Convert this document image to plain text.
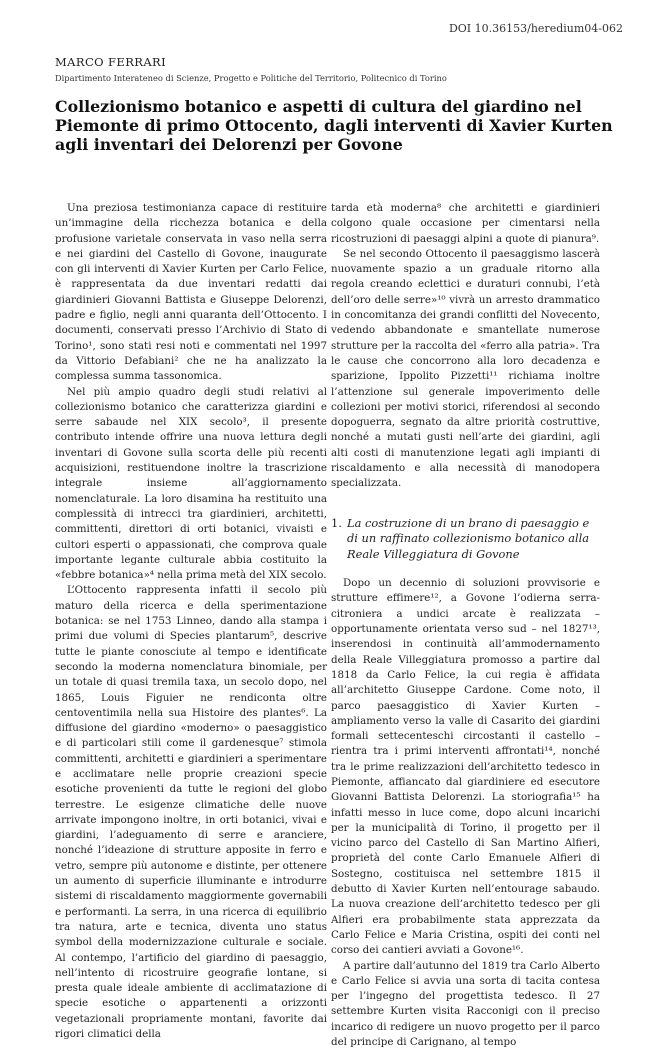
DOI 10.36153/heredium04-062
MARCO FERRARI
Dipartimento Interateneo di Scienze, Progetto e Politiche del Territorio, Politecnico di Torino
Collezionismo botanico e aspetti di cultura del giardino nel Piemonte di primo Ottocento, dagli interventi di Xavier Kurten agli inventari dei Delorenzi per Govone

Una preziosa testimonianza capace di restituire un’immagine della ricchezza botanica e della profusione varietale conservata in vaso nella serra e nei giardini del Castello di Govone, inaugurate con gli interventi di Xavier Kurten per Carlo Felice, è rappresentata da due inventari redatti dai giardinieri Giovanni Battista e Giuseppe Delorenzi, padre e figlio, negli anni quaranta dell’Ottocento. I documenti, conservati presso l’Archivio di Stato di Torino¹, sono stati resi noti e commentati nel 1997 da Vittorio Defabiani² che ne ha analizzato la complessa summa tassonomica.

Nel più ampio quadro degli studi relativi al collezionismo botanico che caratterizza giardini e serre sabaude nel XIX secolo³, il presente contributo intende offrire una nuova lettura degli inventari di Govone sulla scorta delle più recenti acquisizioni, restituendone inoltre la trascrizione integrale insieme all’aggiornamento nomenclaturale. La loro disamina ha restituito una complessità di intrecci tra giardinieri, architetti, committenti, direttori di orti botanici, vivaisti e cultori esperti o appassionati, che comprova quale importante legante culturale abbia costituito la «febbre botanica»⁴ nella prima metà del XIX secolo.

L’Ottocento rappresenta infatti il secolo più maturo della ricerca e della sperimentazione botanica: se nel 1753 Linneo, dando alla stampa i primi due volumi di Species plantarum⁵, descrive tutte le piante conosciute al tempo e identificate secondo la moderna nomenclatura binomiale, per un totale di quasi tremila taxa, un secolo dopo, nel 1865, Louis Figuier ne rendiconta oltre centoventimila nella sua Histoire des plantes⁶. La diffusione del giardino «moderno» o paesaggistico e di particolari stili come il gardenesque⁷ stimola committenti, architetti e giardinieri a sperimentare e acclimatare nelle proprie creazioni specie esotiche provenienti da tutte le regioni del globo terrestre. Le esigenze climatiche delle nuove arrivate impongono inoltre, in orti botanici, vivai e giardini, l’adeguamento di serre e aranciere, nonché l’ideazione di strutture apposite in ferro e vetro, sempre più autonome e distinte, per ottenere un aumento di superficie illuminante e introdurre sistemi di riscaldamento maggiormente governabili e performanti. La serra, in una ricerca di equilibrio tra natura, arte e tecnica, diventa uno status symbol della modernizzazione culturale e sociale. Al contempo, l’artificio del giardino di paesaggio, nell’intento di ricostruire geografie lontane, si presta quale ideale ambiente di acclimatazione di specie esotiche o appartenenti a orizzonti vegetazionali propriamente montani, favorite dai rigori climatici della

tarda età moderna⁸ che architetti e giardinieri colgono quale occasione per cimentarsi nella ricostruzioni di paesaggi alpini a quote di pianura⁹.

Se nel secondo Ottocento il paesaggismo lascerà nuovamente spazio a un graduale ritorno alla regola creando eclettici e duraturi connubi, l’età dell’oro delle serre»¹⁰ vivrà un arresto drammatico in concomitanza dei grandi conflitti del Novecento, vedendo abbandonate e smantellate numerose strutture per la raccolta del «ferro alla patria». Tra le cause che concorrono alla loro decadenza e sparizione, Ippolito Pizzetti¹¹ richiama inoltre l’attenzione sul generale impoverimento delle collezioni per motivi storici, riferendosi al secondo dopoguerra, segnato da altre priorità costruttive, nonché a mutati gusti nell’arte dei giardini, agli alti costi di manutenzione legati agli impianti di riscaldamento e alla necessità di manodopera specializzata.

1. La costruzione di un brano di paesaggio e di un raffinato collezionismo botanico alla Reale Villeggiatura di Govone

Dopo un decennio di soluzioni provvisorie e strutture effimere¹², a Govone l’odierna serra-citroniera a undici arcate è realizzata – opportunamente orientata verso sud – nel 1827¹³, inserendosi in continuità all’ammodernamento della Reale Villeggiatura promosso a partire dal 1818 da Carlo Felice, la cui regia è affidata all’architetto Giuseppe Cardone. Come noto, il parco paesaggistico di Xavier Kurten – ampliamento verso la valle di Casarito dei giardini formali settecenteschi circostanti il castello – rientra tra i primi interventi affrontati¹⁴, nonché tra le prime realizzazioni dell’architetto tedesco in Piemonte, affiancato dal giardiniere ed esecutore Giovanni Battista Delorenzi. La storiografia¹⁵ ha infatti messo in luce come, dopo alcuni incarichi per la municipalità di Torino, il progetto per il vicino parco del Castello di San Martino Alfieri, proprietà del conte Carlo Emanuele Alfieri di Sostegno, costituisca nel settembre 1815 il debutto di Xavier Kurten nell’entourage sabaudo. La nuova creazione dell’architetto tedesco per gli Alfieri era probabilmente stata apprezzata da Carlo Felice e Maria Cristina, ospiti dei conti nel corso dei cantieri avviati a Govone¹⁶.

A partire dall’autunno del 1819 tra Carlo Alberto e Carlo Felice si avvia una sorta di tacita contesa per l’ingegno del progettista tedesco. Il 27 settembre Kurten visita Racconigi con il preciso incarico di redigere un nuovo progetto per il parco del principe di Carignano, al tempo
